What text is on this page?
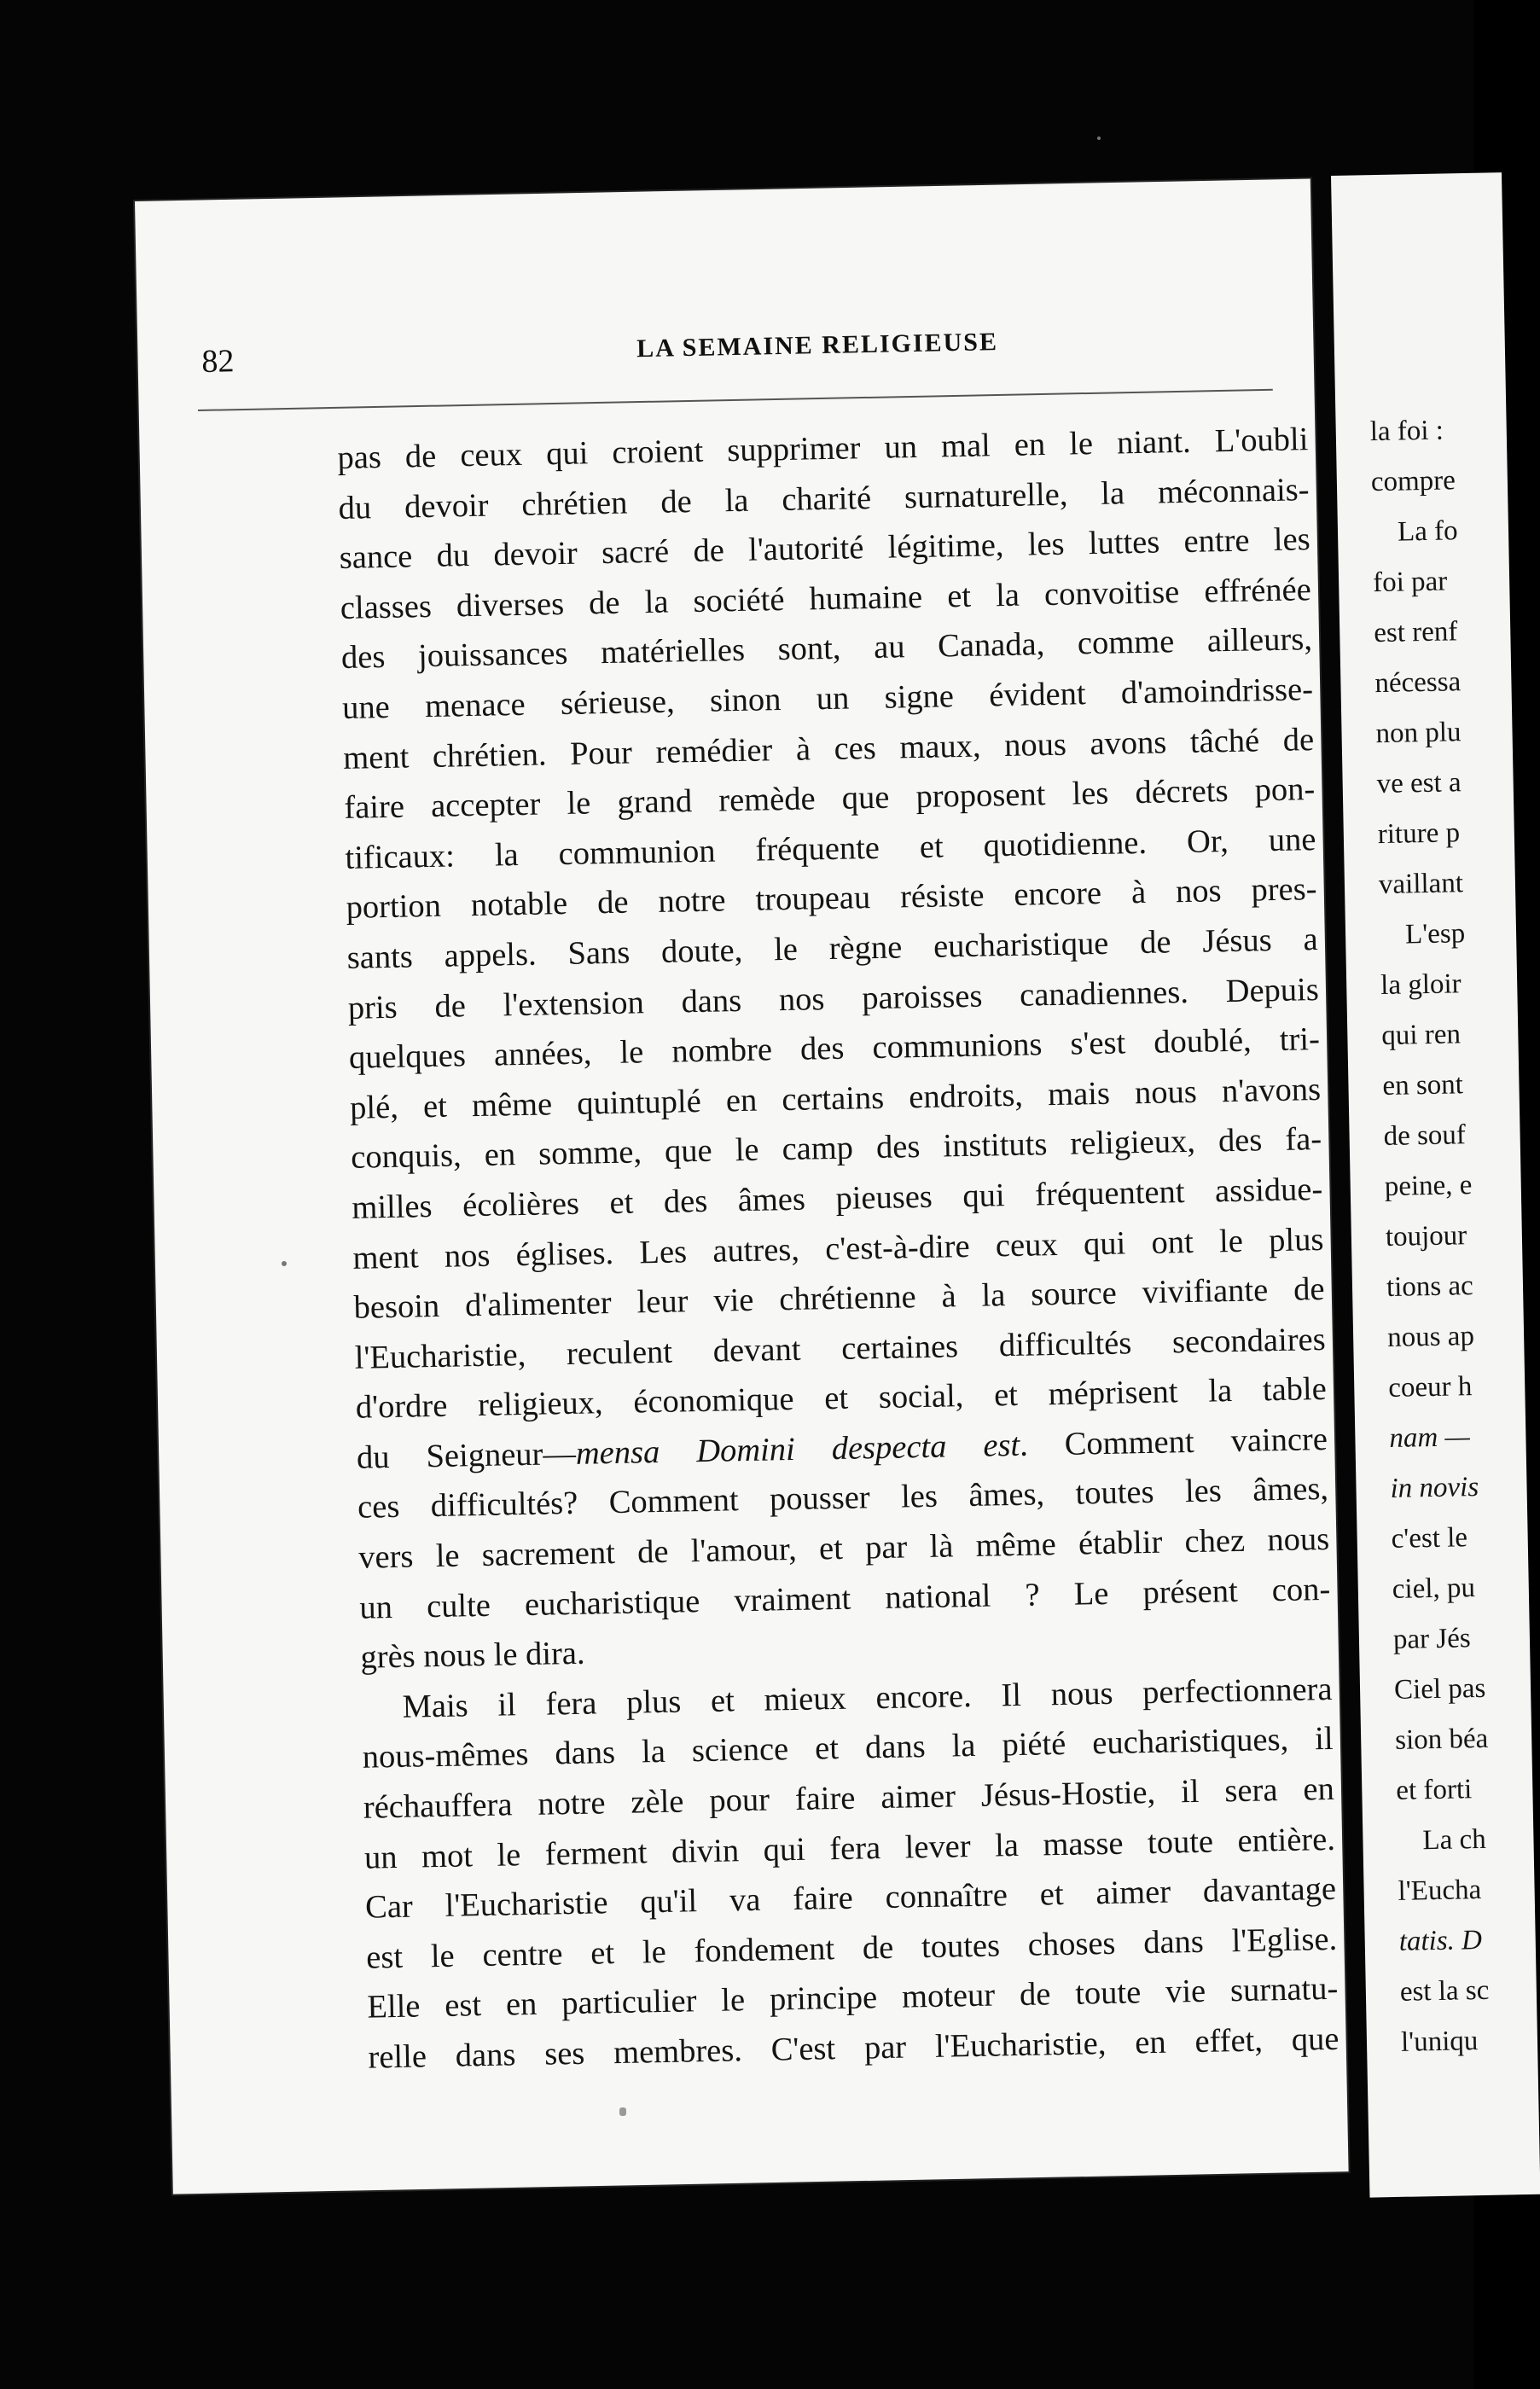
la foi :
compre
La fo
foi par
est renf
nécessa
non plu
ve est a
riture p
vaillant
L'esp
la gloir
qui ren
en sont
de souf
peine, e
toujour
tions ac
nous ap
coeur h
nam —
in novis
c'est le
ciel, pu
par Jés
Ciel pas
sion béa
et forti
La ch
l'Eucha
tatis. D
est la sc
l'uniqu
82	LA SEMAINE RELIGIEUSE
pas de ceux qui croient supprimer un mal en le niant. L'oubli
du devoir chrétien de la charité surnaturelle, la méconnais-
sance du devoir sacré de l'autorité légitime, les luttes entre les
classes diverses de la société humaine et la convoitise effrénée
des jouissances matérielles sont, au Canada, comme ailleurs,
une menace sérieuse, sinon un signe évident d'amoindrisse-
ment chrétien. Pour remédier à ces maux, nous avons tâché de
faire accepter le grand remède que proposent les décrets pon-
tificaux: la communion fréquente et quotidienne. Or, une
portion notable de notre troupeau résiste encore à nos pres-
sants appels. Sans doute, le règne eucharistique de Jésus a
pris de l'extension dans nos paroisses canadiennes. Depuis
quelques années, le nombre des communions s'est doublé, tri-
plé, et même quintuplé en certains endroits, mais nous n'avons
conquis, en somme, que le camp des instituts religieux, des fa-
milles écolières et des âmes pieuses qui fréquentent assidue-
ment nos églises. Les autres, c'est-à-dire ceux qui ont le plus
besoin d'alimenter leur vie chrétienne à la source vivifiante de
l'Eucharistie, reculent devant certaines difficultés secondaires
d'ordre religieux, économique et social, et méprisent la table
du Seigneur—mensa Domini despecta est. Comment vaincre
ces difficultés? Comment pousser les âmes, toutes les âmes,
vers le sacrement de l'amour, et par là même établir chez nous
un culte eucharistique vraiment national ? Le présent con-
grès nous le dira.
Mais il fera plus et mieux encore. Il nous perfectionnera
nous-mêmes dans la science et dans la piété eucharistiques, il
réchauffera notre zèle pour faire aimer Jésus-Hostie, il sera en
un mot le ferment divin qui fera lever la masse toute entière.
Car l'Eucharistie qu'il va faire connaître et aimer davantage
est le centre et le fondement de toutes choses dans l'Eglise.
Elle est en particulier le principe moteur de toute vie surnatu-
relle dans ses membres. C'est par l'Eucharistie, en effet, que
